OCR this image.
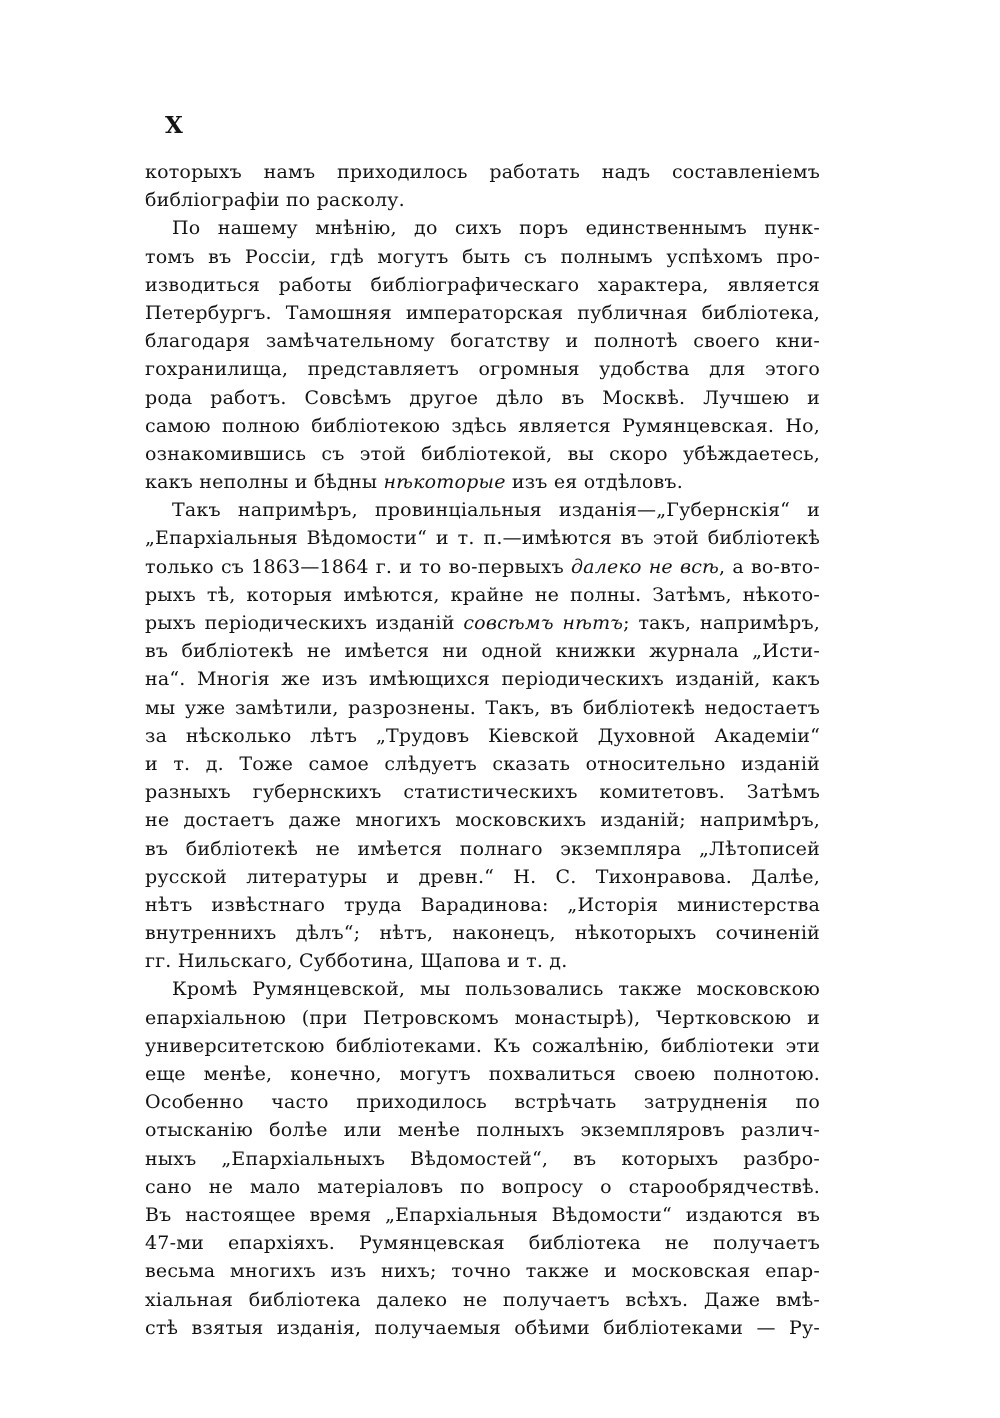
X
которыхъ намъ приходилось работать надъ составленіемъ
библіографіи по расколу.
По нашему мнѣнію, до сихъ поръ единственнымъ пунк-
томъ въ Россіи, гдѣ могутъ быть съ полнымъ успѣхомъ про-
изводиться работы библіографическаго характера, является
Петербургъ. Тамошняя императорская публичная библіотека,
благодаря замѣчательному богатству и полнотѣ своего кни-
гохранилища, представляетъ огромныя удобства для этого
рода работъ. Совсѣмъ другое дѣло въ Москвѣ. Лучшею и
самою полною библіотекою здѣсь является Румянцевская. Но,
ознакомившись съ этой библіотекой, вы скоро убѣждаетесь,
какъ неполны и бѣдны нѣкоторые изъ ея отдѣловъ.
Такъ напримѣръ, провинціальныя изданія—„Губернскія“ и
„Епархіальныя Вѣдомости“ и т. п.—имѣются въ этой библіотекѣ
только съ 1863—1864 г. и то во-первыхъ далеко не всѣ, а во-вто-
рыхъ тѣ, которыя имѣются, крайне не полны. Затѣмъ, нѣкото-
рыхъ періодическихъ изданій совсѣмъ нѣтъ; такъ, напримѣръ,
въ библіотекѣ не имѣется ни одной книжки журнала „Исти-
на“. Многія же изъ имѣющихся періодическихъ изданій, какъ
мы уже замѣтили, разрознены. Такъ, въ библіотекѣ недостаетъ
за нѣсколько лѣтъ „Трудовъ Кіевской Духовной Академіи“
и т. д. Тоже самое слѣдуетъ сказать относительно изданій
разныхъ губернскихъ статистическихъ комитетовъ. Затѣмъ
не достаетъ даже многихъ московскихъ изданій; напримѣръ,
въ библіотекѣ не имѣется полнаго экземпляра „Лѣтописей
русской литературы и древн.“ Н. С. Тихонравова. Далѣе,
нѣтъ извѣстнаго труда Варадинова: „Исторія министерства
внутреннихъ дѣлъ“; нѣтъ, наконецъ, нѣкоторыхъ сочиненій
гг. Нильскаго, Субботина, Щапова и т. д.
Кромѣ Румянцевской, мы пользовались также московскою
епархіальною (при Петровскомъ монастырѣ), Чертковскою и
университетскою библіотеками. Къ сожалѣнію, библіотеки эти
еще менѣе, конечно, могутъ похвалиться своею полнотою.
Особенно часто приходилось встрѣчать затрудненія по
отысканію болѣе или менѣе полныхъ экземпляровъ различ-
ныхъ „Епархіальныхъ Вѣдомостей“, въ которыхъ разбро-
сано не мало матеріаловъ по вопросу о старообрядчествѣ.
Въ настоящее время „Епархіальныя Вѣдомости“ издаются въ
47-ми епархіяхъ. Румянцевская библіотека не получаетъ
весьма многихъ изъ нихъ; точно также и московская епар-
хіальная библіотека далеко не получаетъ всѣхъ. Даже вмѣ-
стѣ взятыя изданія, получаемыя обѣими библіотеками — Ру-
